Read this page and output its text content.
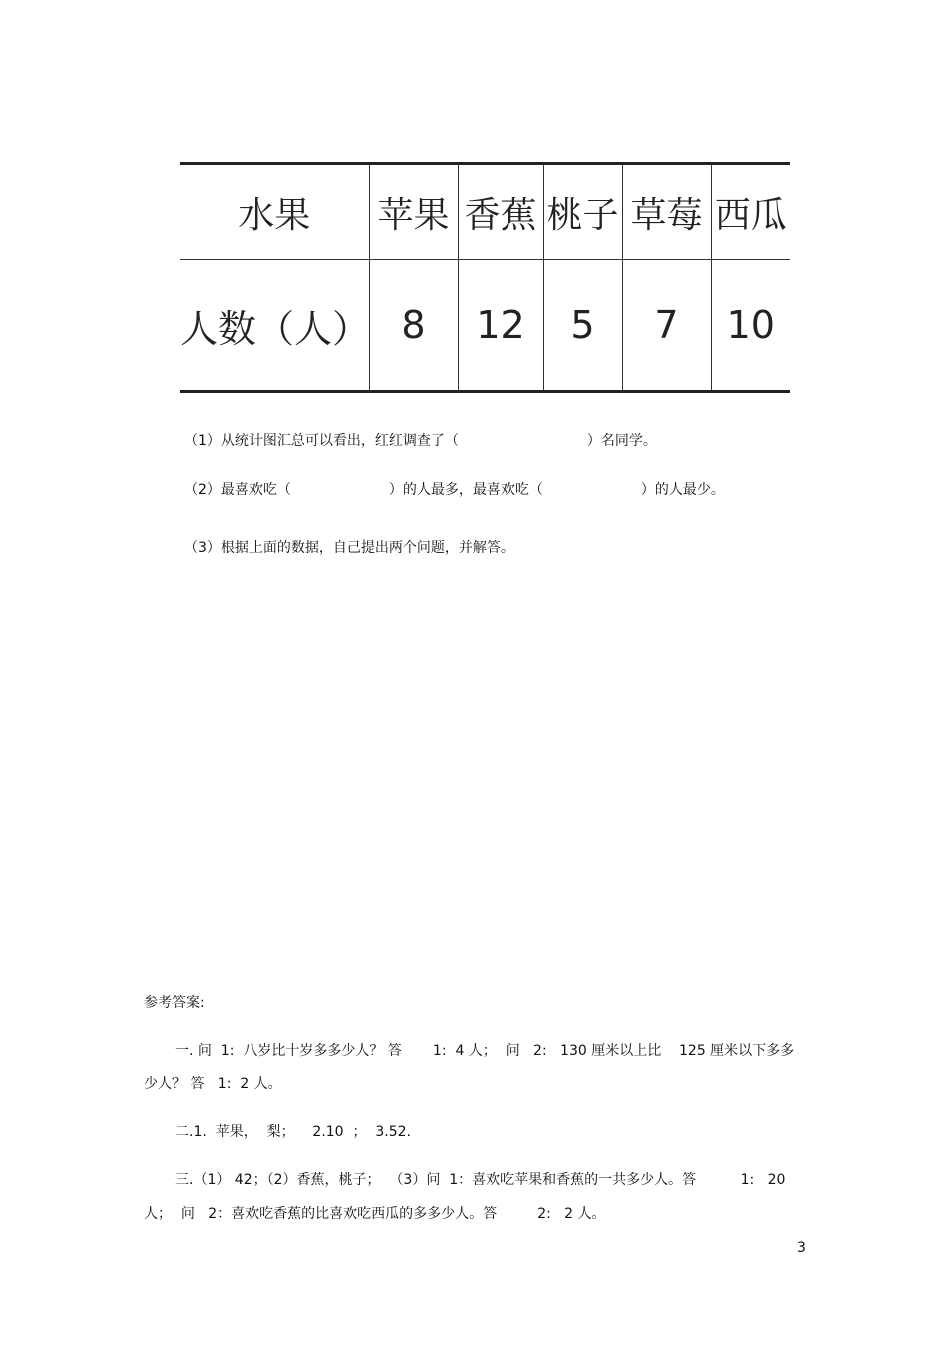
水果	苹果	香蕉	桃子	草莓	西瓜
人数（人）	8	12	5	7	10
（1）从统计图汇总可以看出，红红调查了（	）名同学。
（2）最喜欢吃（	）的人最多，最喜欢吃（	）的人最少。
（3）根据上面的数据，自己提出两个问题，并解答。
参考答案:
一. 问  1:  八岁比十岁多多少人？ 答       1:  4 人；  问   2:   130 厘米以上比    125 厘米以下多多
少人？ 答   1:  2 人。
二.1.  苹果，  梨；    2.10  ；  3.52.
三.（1） 42；（2）香蕉，桃子；  （3）问  1：喜欢吃苹果和香蕉的一共多少人。答          1:   20
人；  问   2：喜欢吃香蕉的比喜欢吃西瓜的多多少人。答         2:   2 人。
3
